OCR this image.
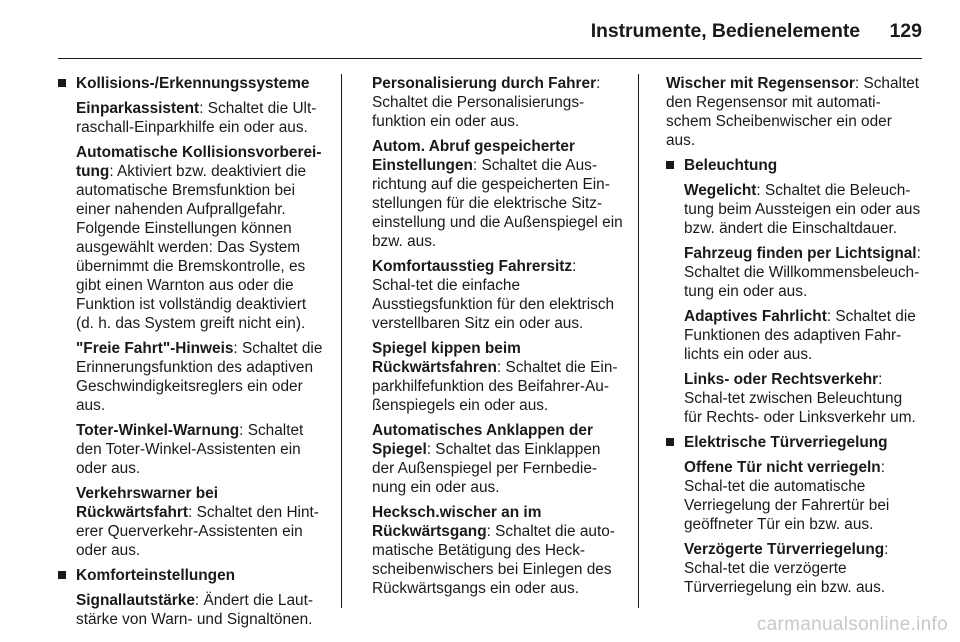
Instrumente, Bedienelemente 129
Kollisions-/Erkennungssysteme

Einparkassistent: Schaltet die Ult-raschall-Einparkhilfe ein oder aus.

Automatische Kollisionsvorberei-tung: Aktiviert bzw. deaktiviert die automatische Bremsfunktion bei einer nahenden Aufprallgefahr. Folgende Einstellungen können ausgewählt werden: Das System übernimmt die Bremskontrolle, es gibt einen Warnton aus oder die Funktion ist vollständig deaktiviert (d. h. das System greift nicht ein).

"Freie Fahrt"-Hinweis: Schaltet die Erinnerungsfunktion des adaptiven Geschwindigkeitsreglers ein oder aus.

Toter-Winkel-Warnung: Schaltet den Toter-Winkel-Assistenten ein oder aus.

Verkehrswarner bei Rückwärtsfahrt: Schaltet den Hint-erer Querverkehr-Assistenten ein oder aus.

Komforteinstellungen

Signallautstärke: Ändert die Laut-stärke von Warn- und Signaltönen.

Personalisierung durch Fahrer: Schaltet die Personalisierungs-funktion ein oder aus.

Autom. Abruf gespeicherter Einstellungen: Schaltet die Aus-richtung auf die gespeicherten Ein-stellungen für die elektrische Sitz-einstellung und die Außenspiegel ein bzw. aus.

Komfortausstieg Fahrersitz: Schal-tet die einfache Ausstiegsfunktion für den elektrisch verstellbaren Sitz ein oder aus.

Spiegel kippen beim Rückwärtsfahren: Schaltet die Ein-parkhilfefunktion des Beifahrer-Au-ßenspiegels ein oder aus.

Automatisches Anklappen der Spiegel: Schaltet das Einklappen der Außenspiegel per Fernbedie-nung ein oder aus.

Hecksch.wischer an im Rückwärtsgang: Schaltet die auto-matische Betätigung des Heck-scheibenwischers bei Einlegen des Rückwärtsgangs ein oder aus.

Wischer mit Regensensor: Schaltet den Regensensor mit automati-schem Scheibenwischer ein oder aus.

Beleuchtung

Wegelicht: Schaltet die Beleuch-tung beim Aussteigen ein oder aus bzw. ändert die Einschaltdauer.

Fahrzeug finden per Lichtsignal: Schaltet die Willkommensbeleuch-tung ein oder aus.

Adaptives Fahrlicht: Schaltet die Funktionen des adaptiven Fahr-lichts ein oder aus.

Links- oder Rechtsverkehr: Schal-tet zwischen Beleuchtung für Rechts- oder Linksverkehr um.

Elektrische Türverriegelung

Offene Tür nicht verriegeln: Schal-tet die automatische Verriegelung der Fahrertür bei geöffneter Tür ein bzw. aus.

Verzögerte Türverriegelung: Schal-tet die verzögerte Türverriegelung ein bzw. aus.

carmanualsonline.info
